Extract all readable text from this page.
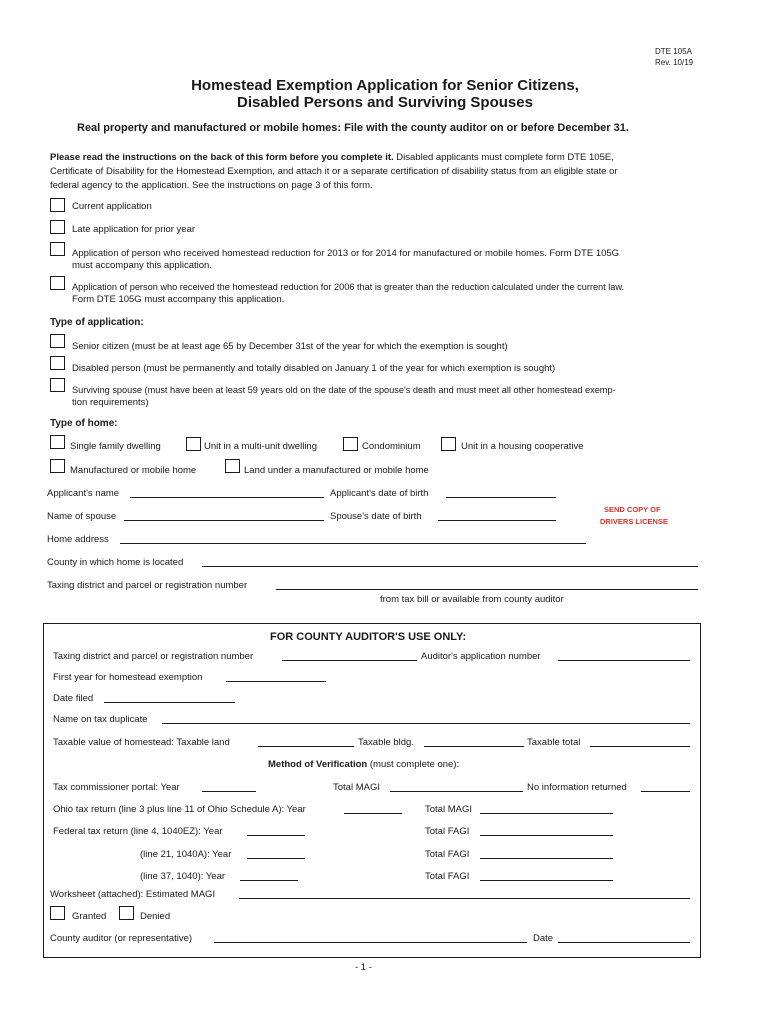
DTE 105A
Rev. 10/19
Homestead Exemption Application for Senior Citizens,
Disabled Persons and Surviving Spouses
Real property and manufactured or mobile homes: File with the county auditor on or before December 31.
Please read the instructions on the back of this form before you complete it. Disabled applicants must complete form DTE 105E,
Certificate of Disability for the Homestead Exemption, and attach it or a separate certification of disability status from an eligible state or
federal agency to the application. See the instructions on page 3 of this form.
Current application
Late application for prior year
Application of person who received homestead reduction for 2013 or for 2014 for manufactured or mobile homes. Form DTE 105G
must accompany this application.
Application of person who received the homestead reduction for 2006 that is greater than the reduction calculated under the current law.
Form DTE 105G must accompany this application.
Type of application:
Senior citizen (must be at least age 65 by December 31st of the year for which the exemption is sought)
Disabled person (must be permanently and totally disabled on January 1 of the year for which exemption is sought)
Surviving spouse (must have been at least 59 years old on the date of the spouse's death and must meet all other homestead exemp-
tion requirements)
Type of home:
Single family dwelling	Unit in a multi-unit dwelling	Condominium	Unit in a housing cooperative
Manufactured or mobile home	Land under a manufactured or mobile home
Applicant's name	Applicant's date of birth
SEND COPY OF
DRIVERS LICENSE
Name of spouse	Spouse's date of birth
Home address
County in which home is located
Taxing district and parcel or registration number
from tax bill or available from county auditor
FOR COUNTY AUDITOR'S USE ONLY:
Taxing district and parcel or registration number	Auditor's application number
First year for homestead exemption
Date filed
Name on tax duplicate
Taxable value of homestead: Taxable land	Taxable bldg.	Taxable total
Method of Verification (must complete one):
Tax commissioner portal: Year	Total MAGI	No information returned
Ohio tax return (line 3 plus line 11 of Ohio Schedule A): Year	Total MAGI
Federal tax return (line 4, 1040EZ): Year	Total FAGI
(line 21, 1040A): Year	Total FAGI
(line 37, 1040): Year	Total FAGI
Worksheet (attached): Estimated MAGI
Granted	Denied
County auditor (or representative)	Date
- 1 -
